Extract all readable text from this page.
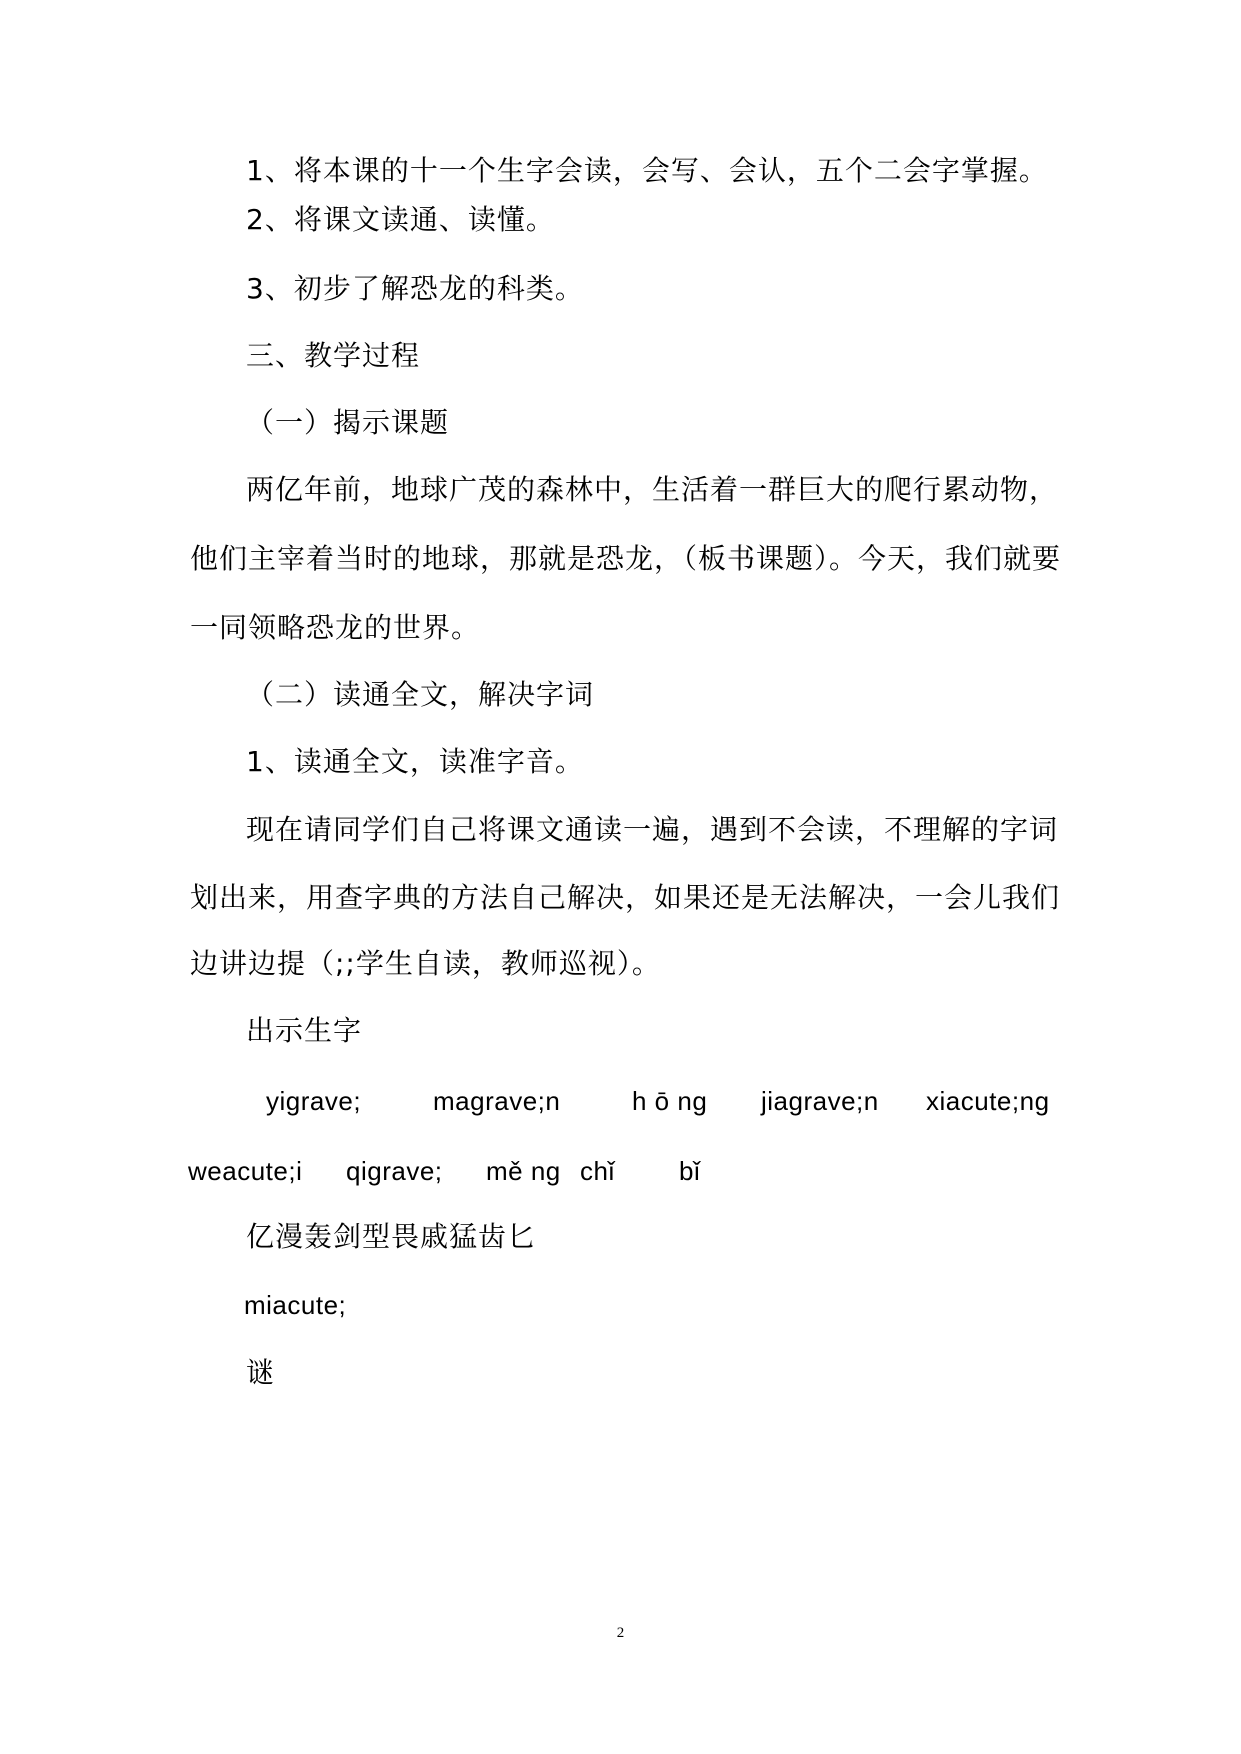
1、将本课的十一个生字会读，会写、会认，五个二会字掌握。
2、将课文读通、读懂。
3、初步了解恐龙的科类。
三、教学过程
（一）揭示课题
两亿年前，地球广茂的森林中，生活着一群巨大的爬行累动物，
他们主宰着当时的地球，那就是恐龙，（板书课题）。今天，我们就要
一同领略恐龙的世界。
（二）读通全文，解决字词
1、读通全文，读准字音。
现在请同学们自己将课文通读一遍，遇到不会读，不理解的字词
划出来，用查字典的方法自己解决，如果还是无法解决，一会儿我们
边讲边提（;;学生自读，教师巡视）。
出示生字
yigrave;	magrave;n	h ō ng jiagrave;n xiacute;ng
weacute;i qigrave; mě ng chǐ bǐ
亿漫轰剑型畏戚猛齿匕
miacute;
谜
2
